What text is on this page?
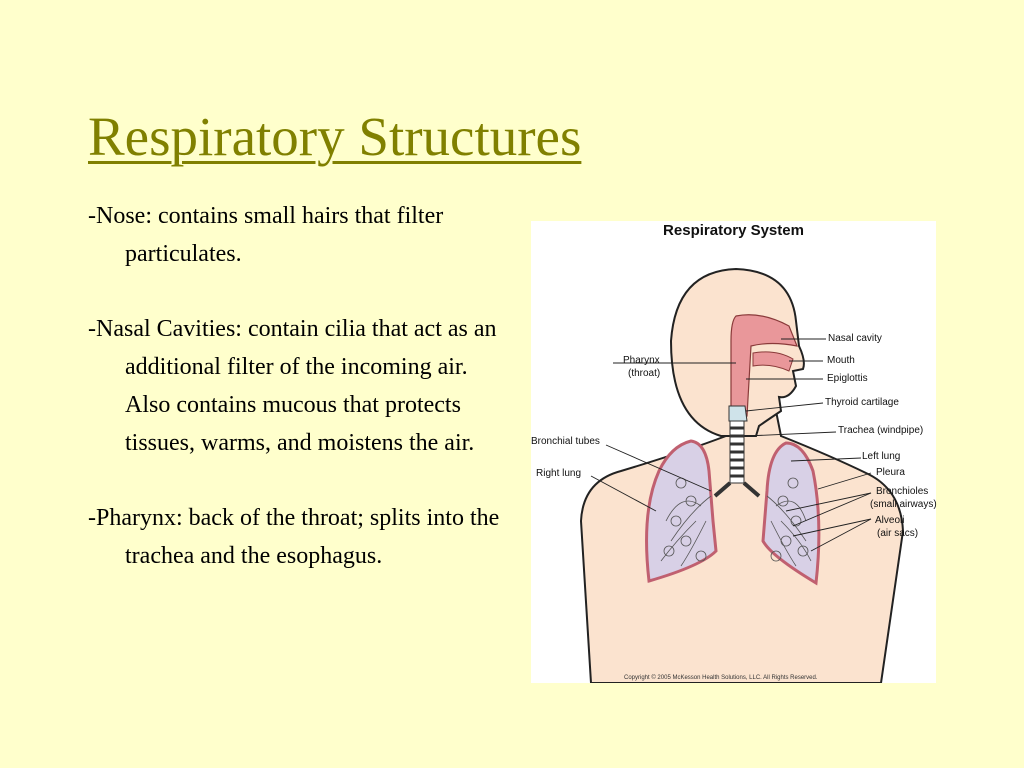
Respiratory Structures

-Nose: contains small hairs that filter particulates.

-Nasal Cavities: contain cilia that act as an additional filter of the incoming air. Also contains mucous that protects tissues, warms, and moistens the air.

-Pharynx: back of the throat; splits into the trachea and the esophagus.

Respiratory System
Nasal cavity
Mouth
Epiglottis
Thyroid cartilage
Trachea (windpipe)
Left lung
Pleura
Bronchioles
(small airways)
Alveoli
(air sacs)
Pharynx
(throat)
Bronchial tubes
Right lung
Copyright © 2005 McKesson Health Solutions, LLC. All Rights Reserved.
